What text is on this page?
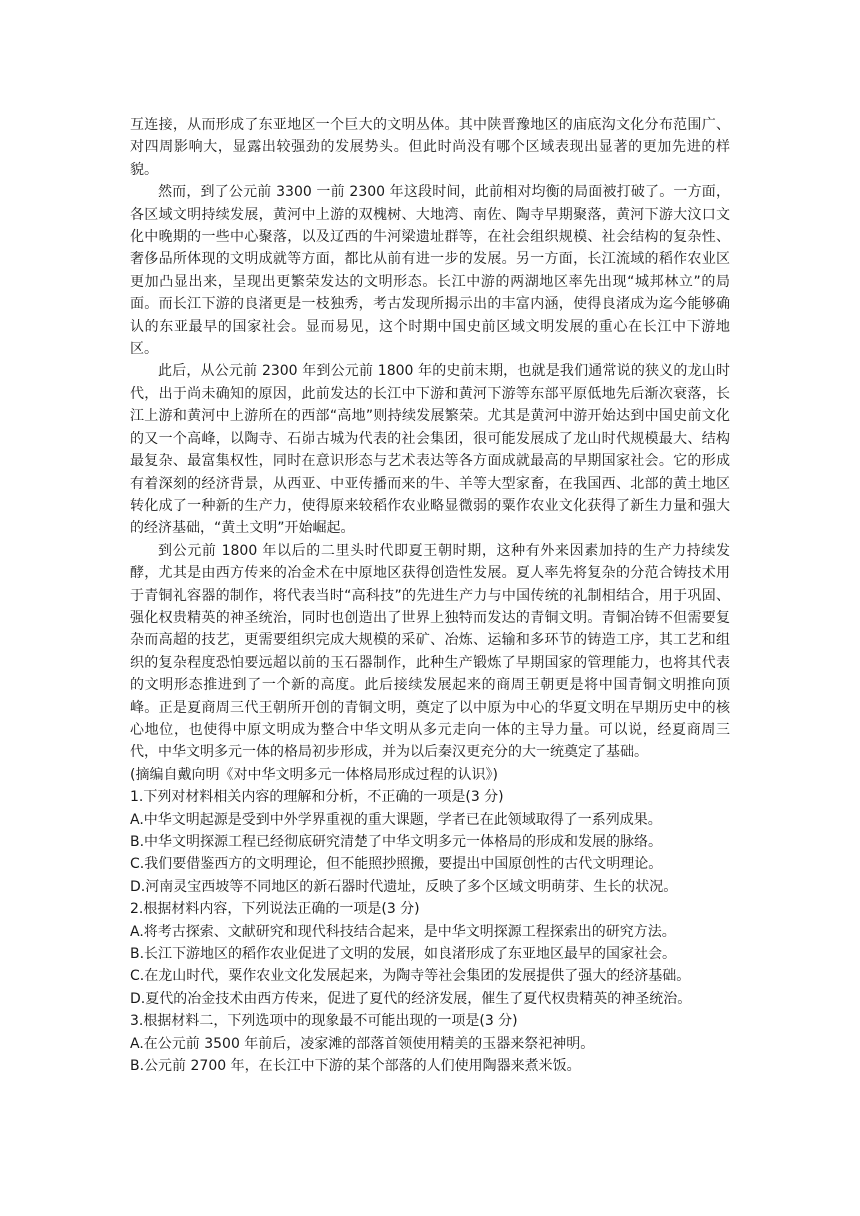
互连接，从而形成了东亚地区一个巨大的文明丛体。其中陕晋豫地区的庙底沟文化分布范围广、对四周影响大，显露出较强劲的发展势头。但此时尚没有哪个区域表现出显著的更加先进的样貌。

然而，到了公元前 3300 一前 2300 年这段时间，此前相对均衡的局面被打破了。一方面，各区域文明持续发展，黄河中上游的双槐树、大地湾、南佐、陶寺早期聚落，黄河下游大汶口文化中晚期的一些中心聚落，以及辽西的牛河梁遗址群等，在社会组织规模、社会结构的复杂性、奢侈品所体现的文明成就等方面，都比从前有进一步的发展。另一方面，长江流域的稻作农业区更加凸显出来，呈现出更繁荣发达的文明形态。长江中游的两湖地区率先出现“城邦林立”的局面。而长江下游的良渚更是一枝独秀，考古发现所揭示出的丰富内涵，使得良渚成为迄今能够确认的东亚最早的国家社会。显而易见，这个时期中国史前区域文明发展的重心在长江中下游地区。

此后，从公元前 2300 年到公元前 1800 年的史前末期，也就是我们通常说的狭义的龙山时代，出于尚未确知的原因，此前发达的长江中下游和黄河下游等东部平原低地先后渐次衰落，长江上游和黄河中上游所在的西部“高地”则持续发展繁荣。尤其是黄河中游开始达到中国史前文化的又一个高峰，以陶寺、石峁古城为代表的社会集团，很可能发展成了龙山时代规模最大、结构最复杂、最富集权性，同时在意识形态与艺术表达等各方面成就最高的早期国家社会。它的形成有着深刻的经济背景，从西亚、中亚传播而来的牛、羊等大型家畜，在我国西、北部的黄土地区转化成了一种新的生产力，使得原来较稻作农业略显微弱的粟作农业文化获得了新生力量和强大的经济基础，“黄土文明”开始崛起。

到公元前 1800 年以后的二里头时代即夏王朝时期，这种有外来因素加持的生产力持续发酵，尤其是由西方传来的冶金术在中原地区获得创造性发展。夏人率先将复杂的分范合铸技术用于青铜礼容器的制作，将代表当时“高科技”的先进生产力与中国传统的礼制相结合，用于巩固、强化权贵精英的神圣统治，同时也创造出了世界上独特而发达的青铜文明。青铜冶铸不但需要复杂而高超的技艺，更需要组织完成大规模的采矿、冶炼、运输和多环节的铸造工序，其工艺和组织的复杂程度恐怕要远超以前的玉石器制作，此种生产锻炼了早期国家的管理能力，也将其代表的文明形态推进到了一个新的高度。此后接续发展起来的商周王朝更是将中国青铜文明推向顶峰。正是夏商周三代王朝所开创的青铜文明，奠定了以中原为中心的华夏文明在早期历史中的核心地位，也使得中原文明成为整合中华文明从多元走向一体的主导力量。可以说，经夏商周三代，中华文明多元一体的格局初步形成，并为以后秦汉更充分的大一统奠定了基础。

(摘编自戴向明《对中华文明多元一体格局形成过程的认识》)

1.下列对材料相关内容的理解和分析，不正确的一项是(3 分)

A.中华文明起源是受到中外学界重视的重大课题，学者已在此领域取得了一系列成果。

B.中华文明探源工程已经彻底研究清楚了中华文明多元一体格局的形成和发展的脉络。

C.我们要借鉴西方的文明理论，但不能照抄照搬，要提出中国原创性的古代文明理论。

D.河南灵宝西坡等不同地区的新石器时代遗址，反映了多个区域文明萌芽、生长的状况。

2.根据材料内容，下列说法正确的一项是(3 分)

A.将考古探索、文献研究和现代科技结合起来，是中华文明探源工程探索出的研究方法。

B.长江下游地区的稻作农业促进了文明的发展，如良渚形成了东亚地区最早的国家社会。

C.在龙山时代，粟作农业文化发展起来，为陶寺等社会集团的发展提供了强大的经济基础。

D.夏代的冶金技术由西方传来，促进了夏代的经济发展，催生了夏代权贵精英的神圣统治。

3.根据材料二，下列选项中的现象最不可能出现的一项是(3 分)

A.在公元前 3500 年前后，凌家滩的部落首领使用精美的玉器来祭祀神明。

B.公元前 2700 年，在长江中下游的某个部落的人们使用陶器来煮米饭。
